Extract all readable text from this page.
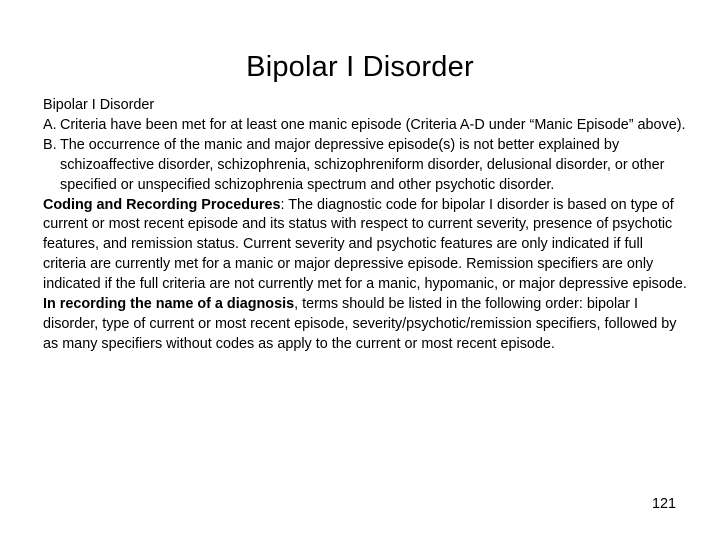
Bipolar I Disorder

Bipolar I Disorder

A. Criteria have been met for at least one manic episode (Criteria A-D under “Manic Episode” above).

B. The occurrence of the manic and major depressive episode(s) is not better explained by schizoaffective disorder, schizophrenia, schizophreniform disorder, delusional disorder, or other specified or unspecified schizophrenia spectrum and other psychotic disorder.

Coding and Recording Procedures: The diagnostic code for bipolar I disorder is based on type of current or most recent episode and its status with respect to current severity, presence of psychotic features, and remission status. Current severity and psychotic features are only indicated if full criteria are currently met for a manic or major depressive episode. Remission specifiers are only indicated if the full criteria are not currently met for a manic, hypomanic, or major depressive episode.

In recording the name of a diagnosis, terms should be listed in the following order: bipolar I disorder, type of current or most recent episode, severity/psychotic/remission specifiers, followed by as many specifiers without codes as apply to the current or most recent episode.

121
